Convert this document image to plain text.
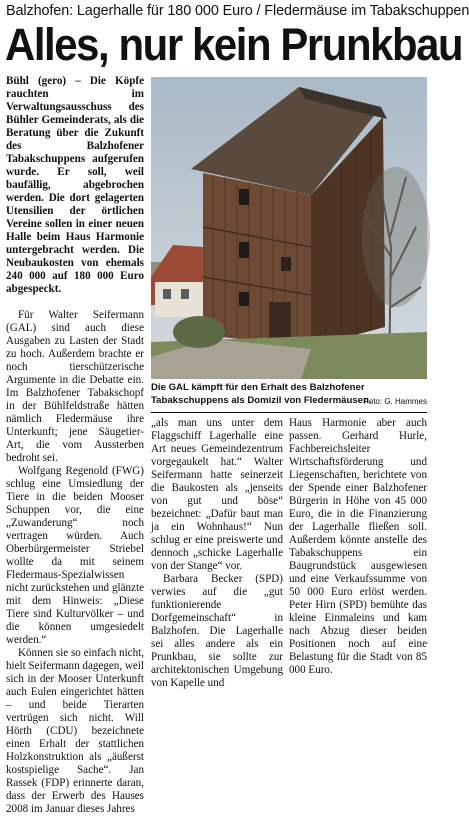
Balzhofen: Lagerhalle für 180 000 Euro / Fledermäuse im Tabakschuppen
Alles, nur kein Prunkbau

Bühl (gero) – Die Köpfe rauchten im Verwaltungsausschuss des Bühler Gemeinderats, als die Beratung über die Zukunft des Balzhofener Tabakschuppens aufgerufen wurde. Er soll, weil baufällig, abgebrochen werden. Die dort gelagerten Utensilien der örtlichen Vereine sollen in einer neuen Halle beim Haus Harmonie untergebracht werden. Die Neubaukosten von ehemals 240 000 auf 180 000 Euro abgespeckt.

Für Walter Seifermann (GAL) sind auch diese Ausgaben zu Lasten der Stadt zu hoch. Außerdem brachte er noch tierschützerische Argumente in die Debatte ein. Im Balzhofener Tabakschopf in der Bühlfeldstraße hätten nämlich Fledermäuse ihre Unterkunft; jene Säugetier-Art, die vom Aussterben bedroht sei.

Wolfgang Regenold (FWG) schlug eine Umsiedlung der Tiere in die beiden Mooser Schuppen vor, die eine „Zuwanderung“ noch vertragen würden. Auch Oberbürgermeister Striebel wollte da mit seinem Fledermaus-Spezialwissen nicht zurückstehen und glänzte mit dem Hinweis: „Diese Tiere sind Kulturvölker – und die können umgesiedelt werden.“

Können sie so einfach nicht, hielt Seifermann dagegen, weil sich in der Mooser Unterkunft auch Eulen eingerichtet hätten – und beide Tierarten vertrügen sich nicht. Will Hörth (CDU) bezeichnete einen Erhalt der stattlichen Holzkonstruktion als „äußerst kostspielige Sache“. Jan Rassek (FDP) erinnerte daran, dass der Erwerb des Hauses 2008 im Januar dieses Jahres

Die GAL kämpft für den Erhalt des Balzhofener Tabakschuppens als Domizil von Fledermäusen.
Foto: G. Hammes

„als man uns unter dem Flaggschiff Lagerhalle eine Art neues Gemeindezentrum vorgegaukelt hat.“ Walter Seifermann hatte seinerzeit die Baukosten als „jenseits von gut und böse“ bezeichnet: „Dafür baut man ja ein Wohnhaus!“ Nun schlug er eine preiswerte und dennoch „schicke Lagerhalle von der Stange“ vor.

Barbara Becker (SPD) verwies auf die „gut funktionierende Dorfgemeinschaft“ in Balzhofen. Die Lagerhalle sei alles andere als ein Prunkbau, sie sollte zur architektonischen Umgebung von Kapelle und

Haus Harmonie aber auch passen. Gerhard Hurle, Fachbereichsleiter Wirtschaftsförderung und Liegenschaften, berichtete von der Spende einer Balzhofener Bürgerin in Höhe von 45 000 Euro, die in die Finanzierung der Lagerhalle fließen soll. Außerdem könnte anstelle des Tabakschuppens ein Baugrundstück ausgewiesen und eine Verkaufssumme von 50 000 Euro erlöst werden. Peter Hirn (SPD) bemühte das kleine Einmaleins und kam nach Abzug dieser beiden Positionen noch auf eine Belastung für die Stadt von 85 000 Euro.
